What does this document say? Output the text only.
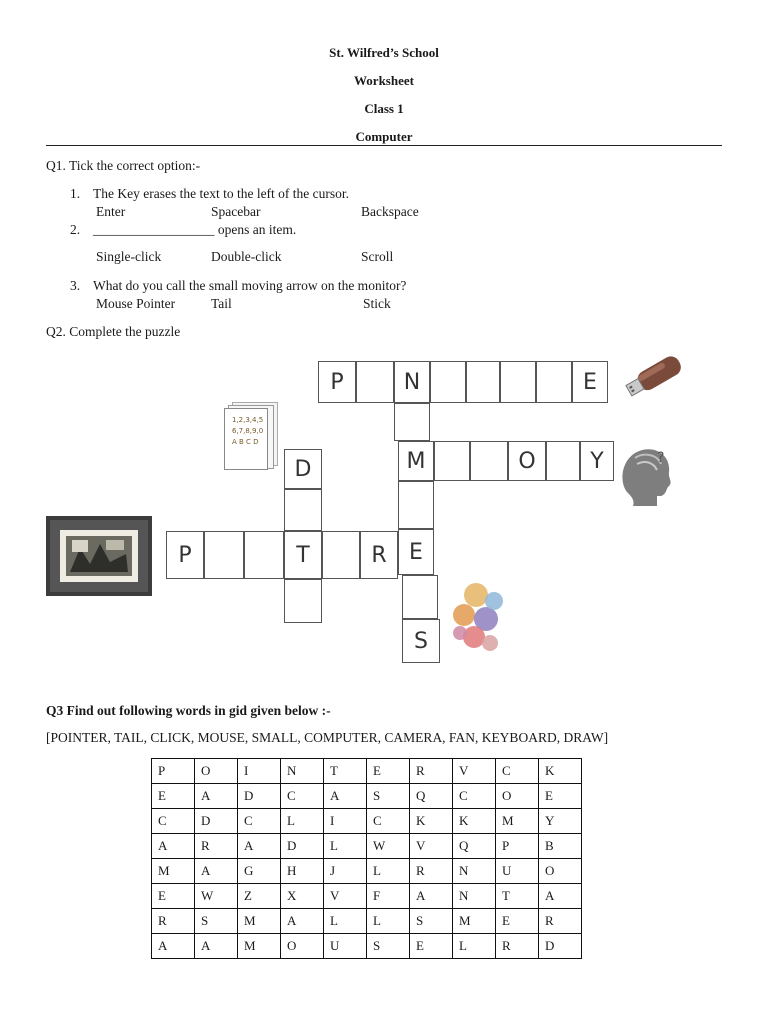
St. Wilfred’s School
Worksheet
Class 1
Computer
Q1. Tick the correct option:-
1. The Key erases the text to the left of the cursor.
Enter	Spacebar	Backspace
2. __________________ opens an item.
Single-click	Double-click	Scroll
3. What do you call the small moving arrow on the monitor?
Mouse Pointer	Tail	Stick
Q2. Complete the puzzle
P	N	E
M	O	Y
D
P	T	R	E
S
1,2,3,4,5
6,7,8,9,0
A B C D
?
Q3 Find out following words in gid given below :-
[POINTER, TAIL, CLICK, MOUSE, SMALL, COMPUTER, CAMERA, FAN, KEYBOARD, DRAW]
P	O	I	N	T	E	R	V	C	K
E	A	D	C	A	S	Q	C	O	E
C	D	C	L	I	C	K	K	M	Y
A	R	A	D	L	W	V	Q	P	B
M	A	G	H	J	L	R	N	U	O
E	W	Z	X	V	F	A	N	T	A
R	S	M	A	L	L	S	M	E	R
A	A	M	O	U	S	E	L	R	D
